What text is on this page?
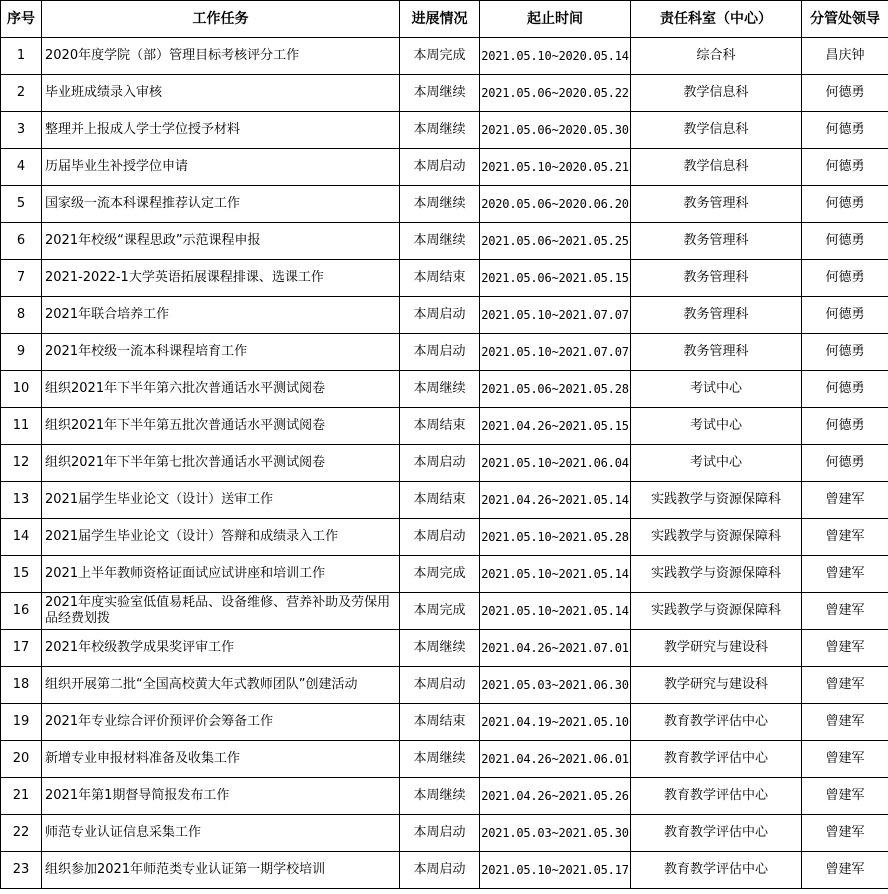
序号	工作任务	进展情况	起止时间	责任科室（中心）	分管处领导
1	2020年度学院（部）管理目标考核评分工作	本周完成	2021.05.10~2020.05.14	综合科	昌庆钟
2	毕业班成绩录入审核	本周继续	2021.05.06~2020.05.22	教学信息科	何德勇
3	整理并上报成人学士学位授予材料	本周继续	2021.05.06~2020.05.30	教学信息科	何德勇
4	历届毕业生补授学位申请	本周启动	2021.05.10~2020.05.21	教学信息科	何德勇
5	国家级一流本科课程推荐认定工作	本周继续	2020.05.06~2020.06.20	教务管理科	何德勇
6	2021年校级“课程思政”示范课程申报	本周继续	2021.05.06~2021.05.25	教务管理科	何德勇
7	2021-2022-1大学英语拓展课程排课、选课工作	本周结束	2021.05.06~2021.05.15	教务管理科	何德勇
8	2021年联合培养工作	本周启动	2021.05.10~2021.07.07	教务管理科	何德勇
9	2021年校级一流本科课程培育工作	本周启动	2021.05.10~2021.07.07	教务管理科	何德勇
10	组织2021年下半年第六批次普通话水平测试阅卷	本周继续	2021.05.06~2021.05.28	考试中心	何德勇
11	组织2021年下半年第五批次普通话水平测试阅卷	本周结束	2021.04.26~2021.05.15	考试中心	何德勇
12	组织2021年下半年第七批次普通话水平测试阅卷	本周启动	2021.05.10~2021.06.04	考试中心	何德勇
13	2021届学生毕业论文（设计）送审工作	本周结束	2021.04.26~2021.05.14	实践教学与资源保障科	曾建军
14	2021届学生毕业论文（设计）答辩和成绩录入工作	本周启动	2021.05.10~2021.05.28	实践教学与资源保障科	曾建军
15	2021上半年教师资格证面试应试讲座和培训工作	本周完成	2021.05.10~2021.05.14	实践教学与资源保障科	曾建军
16	2021年度实验室低值易耗品、设备维修、营养补助及劳保用品经费划拨	本周完成	2021.05.10~2021.05.14	实践教学与资源保障科	曾建军
17	2021年校级教学成果奖评审工作	本周继续	2021.04.26~2021.07.01	教学研究与建设科	曾建军
18	组织开展第二批“全国高校黄大年式教师团队”创建活动	本周启动	2021.05.03~2021.06.30	教学研究与建设科	曾建军
19	2021年专业综合评价预评价会筹备工作	本周结束	2021.04.19~2021.05.10	教育教学评估中心	曾建军
20	新增专业申报材料准备及收集工作	本周继续	2021.04.26~2021.06.01	教育教学评估中心	曾建军
21	2021年第1期督导简报发布工作	本周继续	2021.04.26~2021.05.26	教育教学评估中心	曾建军
22	师范专业认证信息采集工作	本周启动	2021.05.03~2021.05.30	教育教学评估中心	曾建军
23	组织参加2021年师范类专业认证第一期学校培训	本周启动	2021.05.10~2021.05.17	教育教学评估中心	曾建军
